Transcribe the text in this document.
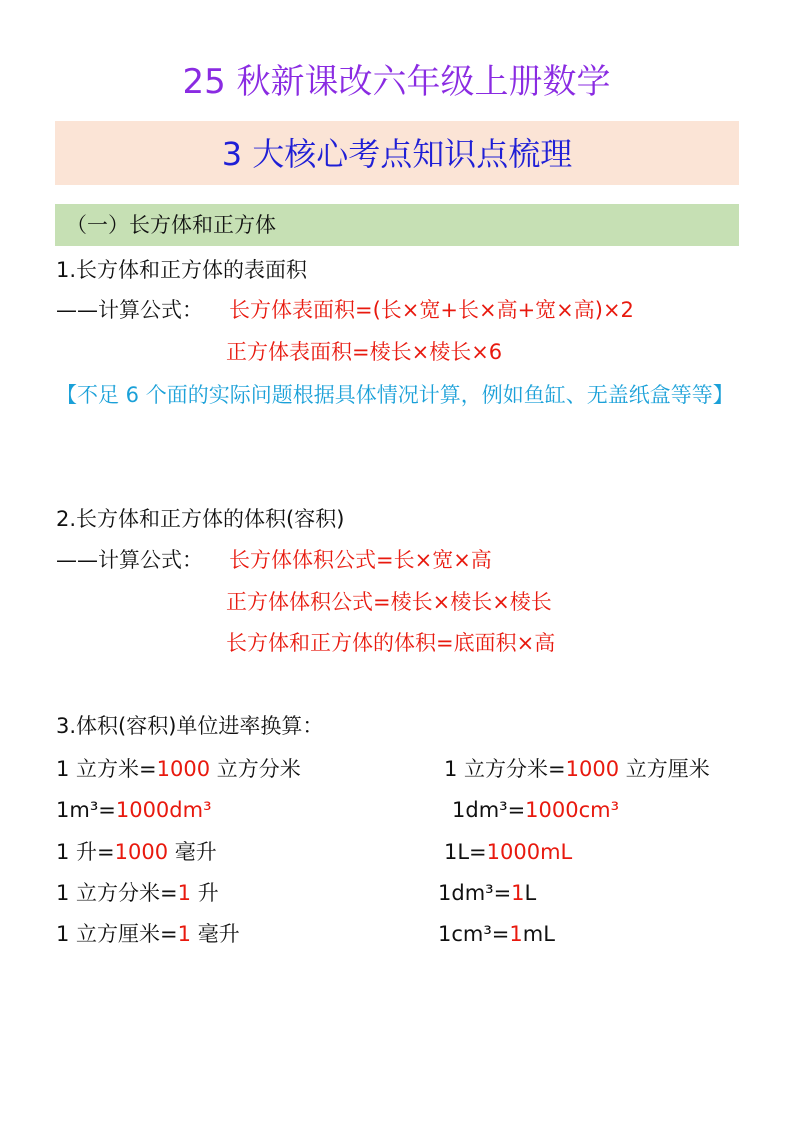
25 秋新课改六年级上册数学
3 大核心考点知识点梳理
（一）长方体和正方体
1.长方体和正方体的表面积
——计算公式： 长方体表面积=(长×宽+长×高+宽×高)×2
正方体表面积=棱长×棱长×6
【不足 6 个面的实际问题根据具体情况计算，例如鱼缸、无盖纸盒等等】
2.长方体和正方体的体积(容积)
——计算公式： 长方体体积公式=长×宽×高
正方体体积公式=棱长×棱长×棱长
长方体和正方体的体积=底面积×高
3.体积(容积)单位进率换算：
1 立方米=1000 立方分米	1 立方分米=1000 立方厘米
1m³=1000dm³	1dm³=1000cm³
1 升=1000 毫升	1L=1000mL
1 立方分米=1 升	1dm³=1L
1 立方厘米=1 毫升	1cm³=1mL
